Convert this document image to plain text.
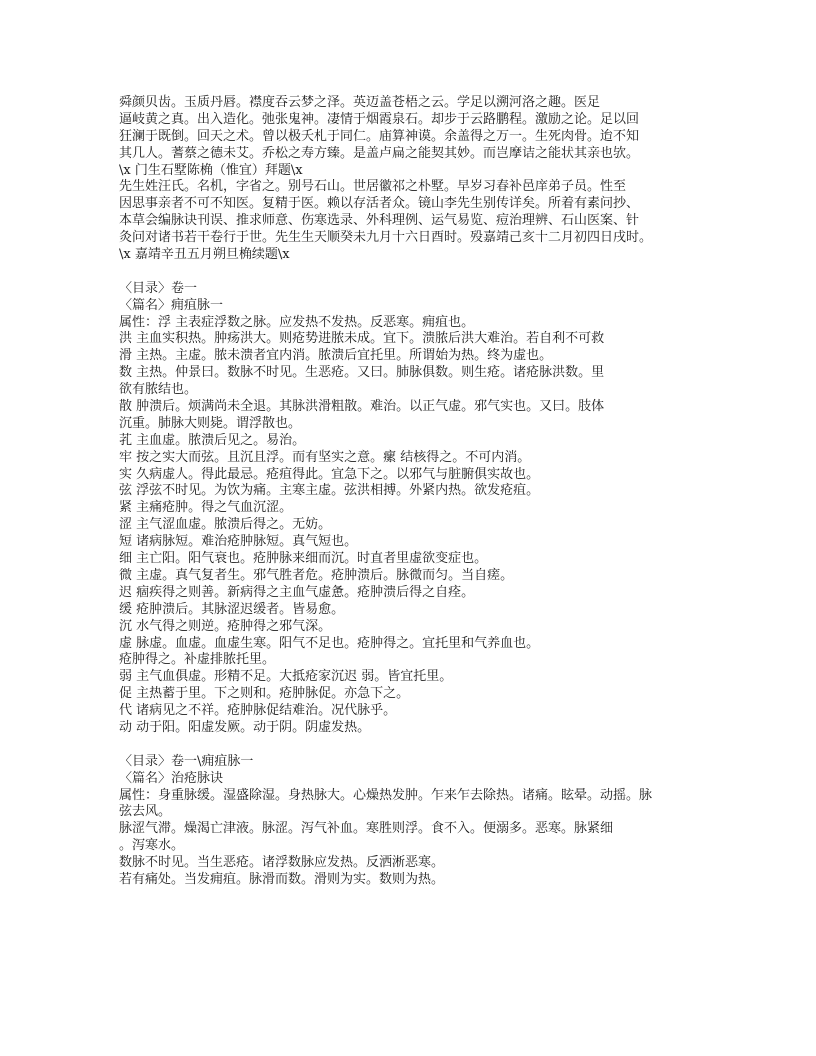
舜颜贝齿。玉质丹唇。襟度吞云梦之泽。英迈盖苍梧之云。学足以溯河洛之趣。医足
逼岐黄之真。出入造化。弛张鬼神。凄情于烟霞泉石。却步于云路鹏程。激励之论。足以回
狂澜于既倒。回天之术。曾以极夭札于同仁。庙算神谟。余盖得之万一。生死肉骨。迨不知
其几人。蓍蔡之德未艾。乔松之寿方臻。是盖卢扁之能契其妙。而岂摩诘之能状其亲也欤。
\x 门生石墅陈桷（惟宜）拜题\x
先生姓汪氏。名机，字省之。别号石山。世居徽祁之朴墅。早岁习春补邑庠弟子员。性至
因思事亲者不可不知医。复精于医。赖以存活者众。镜山李先生别传详矣。所着有素问抄、
本草会编脉诀刊误、推求师意、伤寒选录、外科理例、运气易览、痘治理辨、石山医案、针
灸问对诸书若干卷行于世。先生生天顺癸未九月十六日酉时。殁嘉靖己亥十二月初四日戌时。
\x 嘉靖辛丑五月朔旦桷续题\x
〈目录〉卷一
〈篇名〉痈疽脉一
属性：浮 主表症浮数之脉。应发热不发热。反恶寒。痈疽也。
洪 主血实积热。肿疡洪大。则疮势进脓未成。宜下。溃脓后洪大难治。若自利不可救
滑 主热。主虚。脓未溃者宜内消。脓溃后宜托里。所谓始为热。终为虚也。
数 主热。仲景曰。数脉不时见。生恶疮。又曰。肺脉俱数。则生疮。诸疮脉洪数。里
欲有脓结也。
散 肿溃后。烦满尚未全退。其脉洪滑粗散。难治。以正气虚。邪气实也。又曰。肢体
沉重。肺脉大则毙。谓浮散也。
芤 主血虚。脓溃后见之。易治。
牢 按之实大而弦。且沉且浮。而有坚实之意。瘰 结核得之。不可内消。
实 久病虚人。得此最忌。疮疽得此。宜急下之。以邪气与脏腑俱实故也。
弦 浮弦不时见。为饮为痛。主寒主虚。弦洪相搏。外紧内热。欲发疮疽。
紧 主痛疮肿。得之气血沉涩。
涩 主气涩血虚。脓溃后得之。无妨。
短 诸病脉短。难治疮肿脉短。真气短也。
细 主亡阳。阳气衰也。疮肿脉来细而沉。时直者里虚欲变症也。
微 主虚。真气复者生。邪气胜者危。疮肿溃后。脉微而匀。当自瘥。
迟 痼疾得之则善。新病得之主血气虚惫。疮肿溃后得之自痊。
缓 疮肿溃后。其脉涩迟缓者。皆易愈。
沉 水气得之则逆。疮肿得之邪气深。
虚 脉虚。血虚。血虚生寒。阳气不足也。疮肿得之。宜托里和气养血也。
疮肿得之。补虚排脓托里。
弱 主气血俱虚。形精不足。大抵疮家沉迟 弱。皆宜托里。
促 主热蓄于里。下之则和。疮肿脉促。亦急下之。
代 诸病见之不祥。疮肿脉促结难治。况代脉乎。
动 动于阳。阳虚发厥。动于阴。阴虚发热。
〈目录〉卷一\痈疽脉一
〈篇名〉治疮脉诀
属性：身重脉缓。湿盛除湿。身热脉大。心燥热发肿。乍来乍去除热。诸痛。眩晕。动摇。脉
弦去风。
脉涩气滞。燥渴亡津液。脉涩。泻气补血。寒胜则浮。食不入。便溺多。恶寒。脉紧细
。泻寒水。
数脉不时见。当生恶疮。诸浮数脉应发热。反洒淅恶寒。
若有痛处。当发痈疽。脉滑而数。滑则为实。数则为热。
